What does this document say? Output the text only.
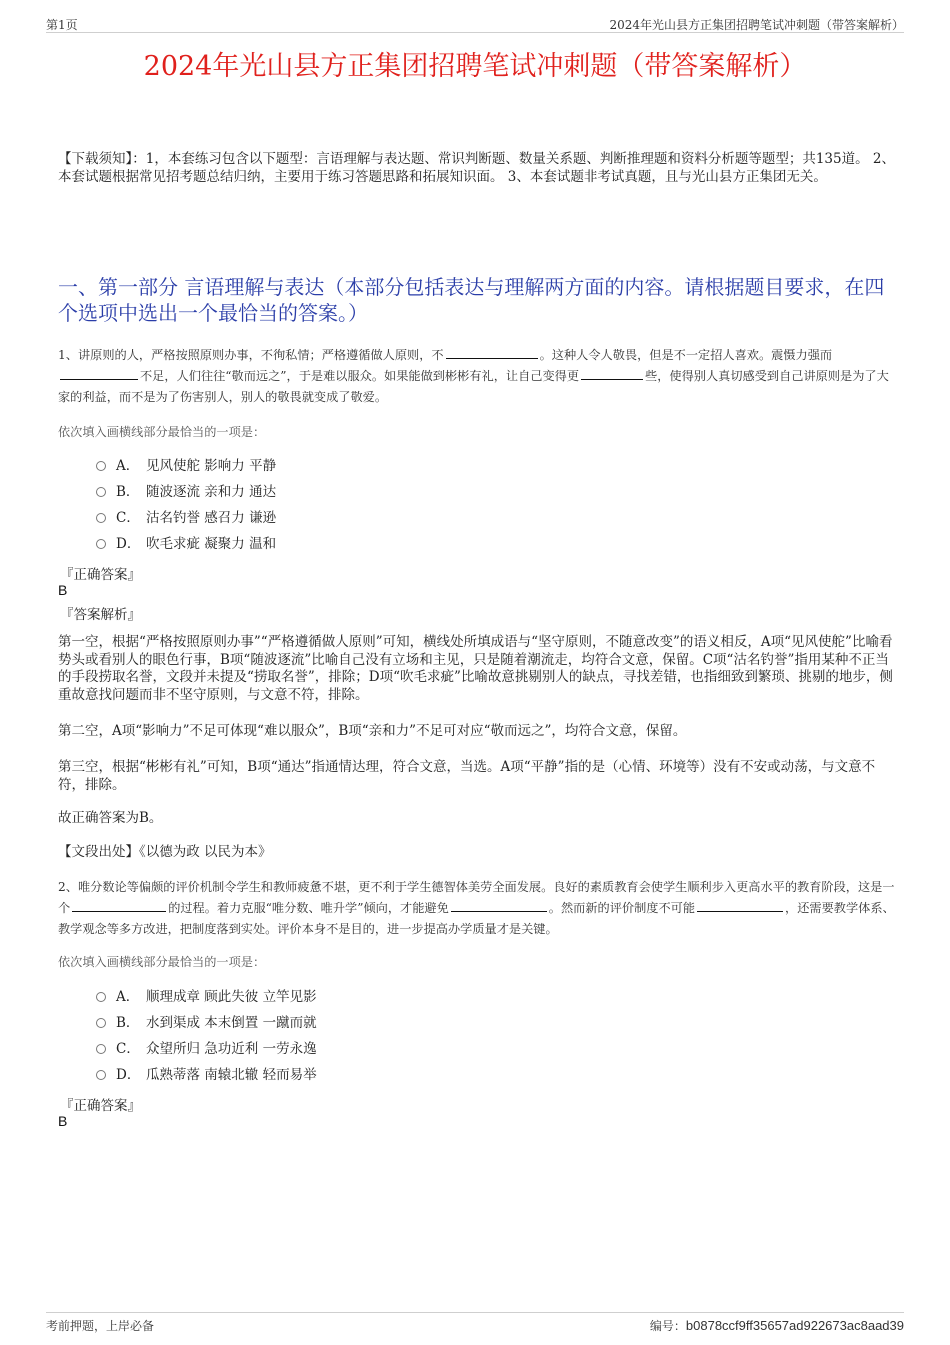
第1页	2024年光山县方正集团招聘笔试冲刺题（带答案解析）
2024年光山县方正集团招聘笔试冲刺题（带答案解析）
【下载须知】：1，本套练习包含以下题型：言语理解与表达题、常识判断题、数量关系题、判断推理题和资料分析题等题型；共135道。 2、本套试题根据常见招考题总结归纳，主要用于练习答题思路和拓展知识面。 3、本套试题非考试真题，且与光山县方正集团无关。
一、第一部分 言语理解与表达（本部分包括表达与理解两方面的内容。请根据题目要求，在四个选项中选出一个最恰当的答案。）
1、讲原则的人，严格按照原则办事，不徇私情；严格遵循做人原则，不	。这种人令人敬畏，但是不一定招人喜欢。震慑力强而不足，人们往往“敬而远之”，于是难以服众。如果能做到彬彬有礼，让自己变得更	些，使得别人真切感受到自己讲原则是为了大家的利益，而不是为了伤害别人，别人的敬畏就变成了敬爱。
依次填入画横线部分最恰当的一项是：
A． 见风使舵 影响力 平静
B． 随波逐流 亲和力 通达
C． 沽名钓誉 感召力 谦逊
D． 吹毛求疵 凝聚力 温和
『正确答案』
B
『答案解析』
第一空，根据“严格按照原则办事”“严格遵循做人原则”可知，横线处所填成语与“坚守原则，不随意改变”的语义相反，A项“见风使舵”比喻看势头或看别人的眼色行事，B项“随波逐流”比喻自己没有立场和主见，只是随着潮流走，均符合文意，保留。C项“沽名钓誉”指用某种不正当的手段捞取名誉，文段并未提及“捞取名誉”，排除；D项“吹毛求疵”比喻故意挑剔别人的缺点，寻找差错，也指细致到繁琐、挑剔的地步，侧重故意找问题而非不坚守原则，与文意不符，排除。
第二空，A项“影响力”不足可体现“难以服众”，B项“亲和力”不足可对应“敬而远之”，均符合文意，保留。
第三空，根据“彬彬有礼”可知，B项“通达”指通情达理，符合文意，当选。A项“平静”指的是（心情、环境等）没有不安或动荡，与文意不符，排除。
故正确答案为B。
【文段出处】《以德为政 以民为本》
2、唯分数论等偏颇的评价机制令学生和教师疲惫不堪，更不利于学生德智体美劳全面发展。良好的素质教育会使学生顺利步入更高水平的教育阶段，这是一个	的过程。着力克服“唯分数、唯升学”倾向，才能避免	。然而新的评价制度不可能	，还需要教学体系、教学观念等多方改进，把制度落到实处。评价本身不是目的，进一步提高办学质量才是关键。
依次填入画横线部分最恰当的一项是：
A． 顺理成章 顾此失彼 立竿见影
B． 水到渠成 本末倒置 一蹴而就
C． 众望所归 急功近利 一劳永逸
D． 瓜熟蒂落 南辕北辙 轻而易举
『正确答案』
B
考前押题，上岸必备	编号：b0878ccf9ff35657ad922673ac8aad39
